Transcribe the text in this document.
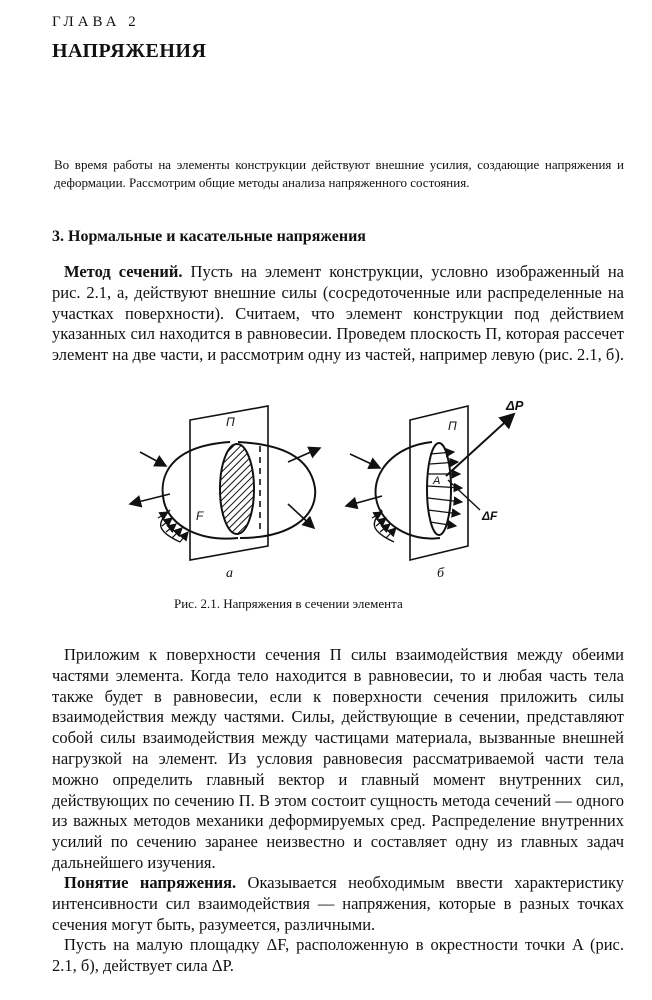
ГЛАВА 2
НАПРЯЖЕНИЯ

Во время работы на элементы конструкции действуют внешние усилия, создающие напряжения и деформации. Рассмотрим общие методы анализа напряженного состояния.

3. Нормальные и касательные напряжения

Метод сечений. Пусть на элемент конструкции, условно изображенный на рис. 2.1, а, действуют внешние силы (сосредоточенные или распределенные на участках поверхности). Считаем, что элемент конструкции под действием указанных сил находится в равновесии. Проведем плоскость П, которая рассечет элемент на две части, и рассмотрим одну из частей, например левую (рис. 2.1, б).

П
F
П
ΔP
ΔF
A
а	б
Рис. 2.1. Напряжения в сечении элемента

Приложим к поверхности сечения П силы взаимодействия между обеими частями элемента. Когда тело находится в равновесии, то и любая часть тела также будет в равновесии, если к поверхности сечения приложить силы взаимодействия между частями. Силы, действующие в сечении, представляют собой силы взаимодействия между частицами материала, вызванные внешней нагрузкой на элемент. Из условия равновесия рассматриваемой части тела можно определить главный вектор и главный момент внутренних сил, действующих по сечению П. В этом состоит сущность метода сечений — одного из важных методов механики деформируемых сред. Распределение внутренних усилий по сечению заранее неизвестно и составляет одну из главных задач дальнейшего изучения.

Понятие напряжения. Оказывается необходимым ввести характеристику интенсивности сил взаимодействия — напряжения, которые в разных точках сечения могут быть, разумеется, различными.

Пусть на малую площадку ΔF, расположенную в окрестности точки A (рис. 2.1, б), действует сила ΔP.
